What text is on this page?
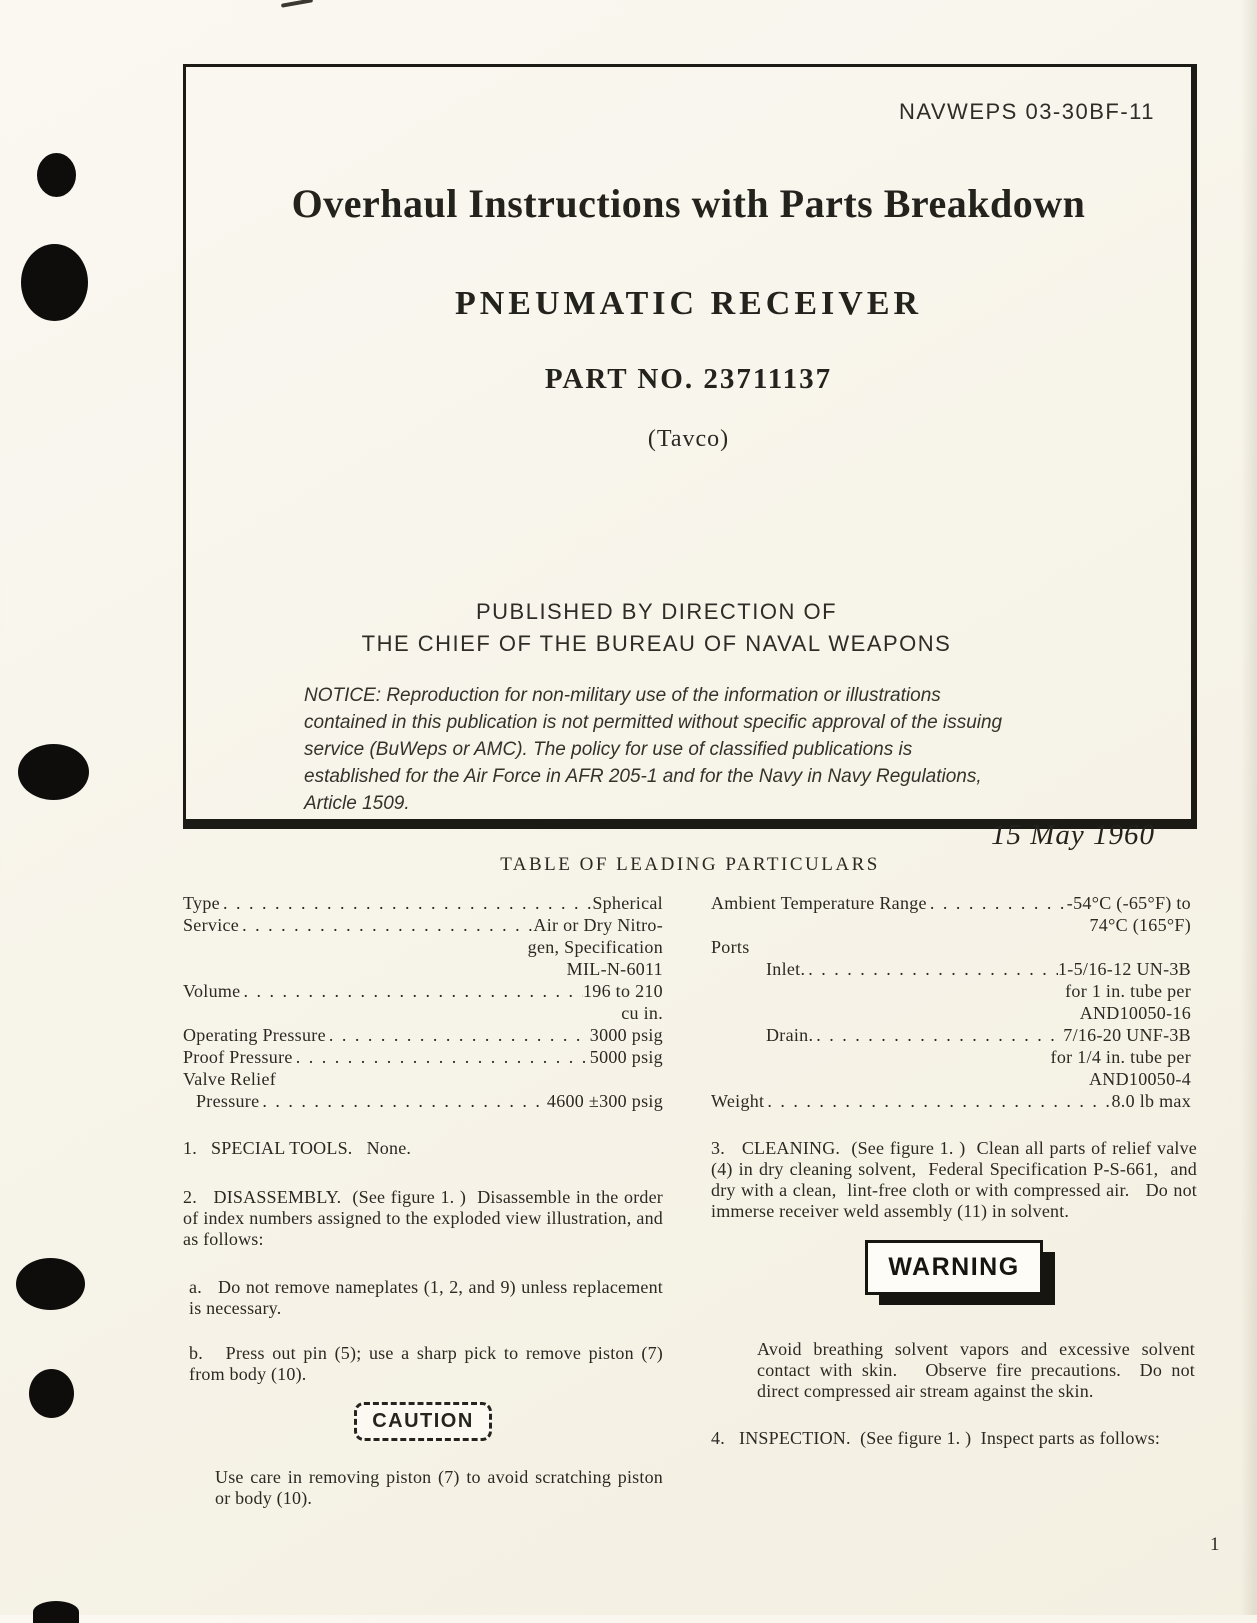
NAVWEPS 03-30BF-11
Overhaul Instructions with Parts Breakdown
PNEUMATIC RECEIVER
PART NO. 23711137
(Tavco)
PUBLISHED BY DIRECTION OF
THE CHIEF OF THE BUREAU OF NAVAL WEAPONS

NOTICE: Reproduction for non-military use of the information or illustrations contained in this publication is not permitted without specific approval of the issuing service (BuWeps or AMC). The policy for use of classified publications is established for the Air Force in AFR 205-1 and for the Navy in Navy Regulations, Article 1509.

15 May 1960
TABLE OF LEADING PARTICULARS
Type . . .	Spherical
Service . . .	Air or Dry Nitro-
gen, Specification
MIL-N-6011
Volume . . .	196 to 210
cu in.
Operating Pressure . . .	3000 psig
Proof Pressure . . .	5000 psig
Valve Relief
Pressure . . .	4600 ±300 psig

1.   SPECIAL TOOLS.   None.

2.   DISASSEMBLY.  (See figure 1. )  Disassemble in the order of index numbers assigned to the exploded view illustration, and as follows:

a.   Do not remove nameplates (1, 2, and 9) unless replacement is necessary.

b.   Press out pin (5); use a sharp pick to remove piston (7) from body (10).

CAUTION

Use care in removing piston (7) to avoid scratching piston or body (10).

Ambient Temperature Range . . .	-54°C (-65°F) to
74°C (165°F)
Ports
Inlet. . . .	1-5/16-12 UN-3B
for 1 in. tube per
AND10050-16
Drain. . . .	7/16-20 UNF-3B
for 1/4 in. tube per
AND10050-4
Weight . . .	8.0 lb max

3.   CLEANING.  (See figure 1. )  Clean all parts of relief valve (4) in dry cleaning solvent,  Federal Specification P-S-661,  and dry with a clean,  lint-free cloth or with compressed air.   Do not immerse receiver weld assembly (11) in solvent.

WARNING

Avoid breathing solvent vapors and excessive solvent contact with skin.   Observe fire precautions.  Do not direct compressed air stream against the skin.

4.   INSPECTION.  (See figure 1. )  Inspect parts as follows:

1
